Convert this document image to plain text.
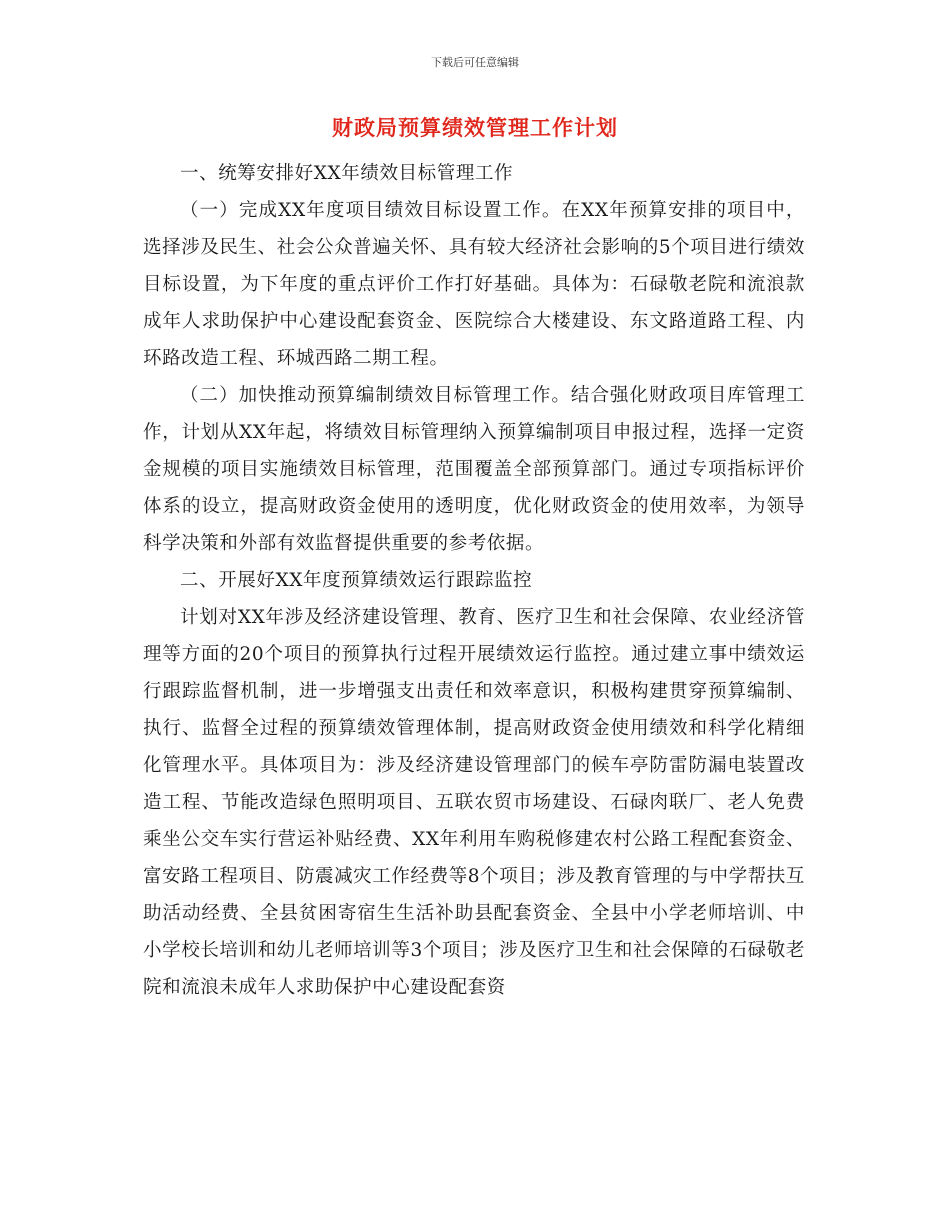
下载后可任意编辑
财政局预算绩效管理工作计划

一、统筹安排好XX年绩效目标管理工作

（一）完成XX年度项目绩效目标设置工作。在XX年预算安排的项目中，选择涉及民生、社会公众普遍关怀、具有较大经济社会影响的5个项目进行绩效目标设置，为下年度的重点评价工作打好基础。具体为：石碌敬老院和流浪款成年人求助保护中心建设配套资金、医院综合大楼建设、东文路道路工程、内环路改造工程、环城西路二期工程。

（二）加快推动预算编制绩效目标管理工作。结合强化财政项目库管理工作，计划从XX年起，将绩效目标管理纳入预算编制项目申报过程，选择一定资金规模的项目实施绩效目标管理，范围覆盖全部预算部门。通过专项指标评价体系的设立，提高财政资金使用的透明度，优化财政资金的使用效率，为领导科学决策和外部有效监督提供重要的参考依据。

二、开展好XX年度预算绩效运行跟踪监控

计划对XX年涉及经济建设管理、教育、医疗卫生和社会保障、农业经济管理等方面的20个项目的预算执行过程开展绩效运行监控。通过建立事中绩效运行跟踪监督机制，进一步增强支出责任和效率意识，积极构建贯穿预算编制、执行、监督全过程的预算绩效管理体制，提高财政资金使用绩效和科学化精细化管理水平。具体项目为：涉及经济建设管理部门的候车亭防雷防漏电装置改造工程、节能改造绿色照明项目、五联农贸市场建设、石碌肉联厂、老人免费乘坐公交车实行营运补贴经费、XX年利用车购税修建农村公路工程配套资金、富安路工程项目、防震减灾工作经费等8个项目；涉及教育管理的与中学帮扶互助活动经费、全县贫困寄宿生生活补助县配套资金、全县中小学老师培训、中小学校长培训和幼儿老师培训等3个项目；涉及医疗卫生和社会保障的石碌敬老院和流浪未成年人求助保护中心建设配套资
